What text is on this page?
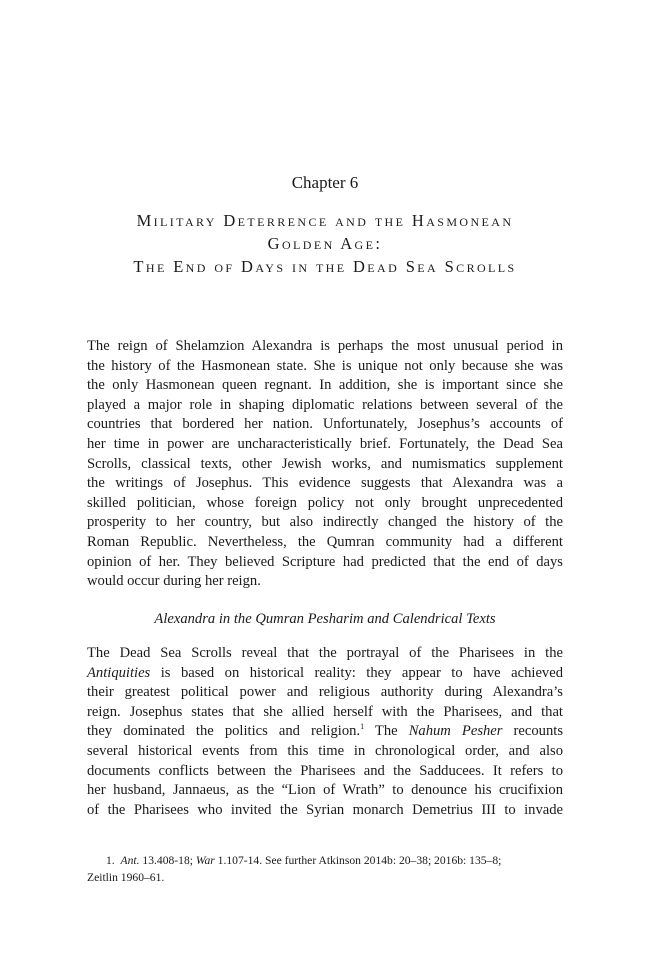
Chapter 6
Military Deterrence and the Hasmonean
Golden Age:
The End of Days in the Dead Sea Scrolls
The reign of Shelamzion Alexandra is perhaps the most unusual period in
the history of the Hasmonean state. She is unique not only because she was
the only Hasmonean queen regnant. In addition, she is important since she
played a major role in shaping diplomatic relations between several of the
countries that bordered her nation. Unfortunately, Josephus’s accounts of
her time in power are uncharacteristically brief. Fortunately, the Dead Sea
Scrolls, classical texts, other Jewish works, and numismatics supplement
the writings of Josephus. This evidence suggests that Alexandra was a
skilled politician, whose foreign policy not only brought unprecedented
prosperity to her country, but also indirectly changed the history of the
Roman Republic. Nevertheless, the Qumran community had a different
opinion of her. They believed Scripture had predicted that the end of days
would occur during her reign.
Alexandra in the Qumran Pesharim and Calendrical Texts
The Dead Sea Scrolls reveal that the portrayal of the Pharisees in the
Antiquities is based on historical reality: they appear to have achieved
their greatest political power and religious authority during Alexandra’s
reign. Josephus states that she allied herself with the Pharisees, and that
they dominated the politics and religion.$^1$ The Nahum Pesher recounts
several historical events from this time in chronological order, and also
documents conflicts between the Pharisees and the Sadducees. It refers to
her husband, Jannaeus, as the “Lion of Wrath” to denounce his crucifixion
of the Pharisees who invited the Syrian monarch Demetrius III to invade
1. Ant. 13.408-18; War 1.107-14. See further Atkinson 2014b: 20–38; 2016b: 135–8;
Zeitlin 1960–61.
